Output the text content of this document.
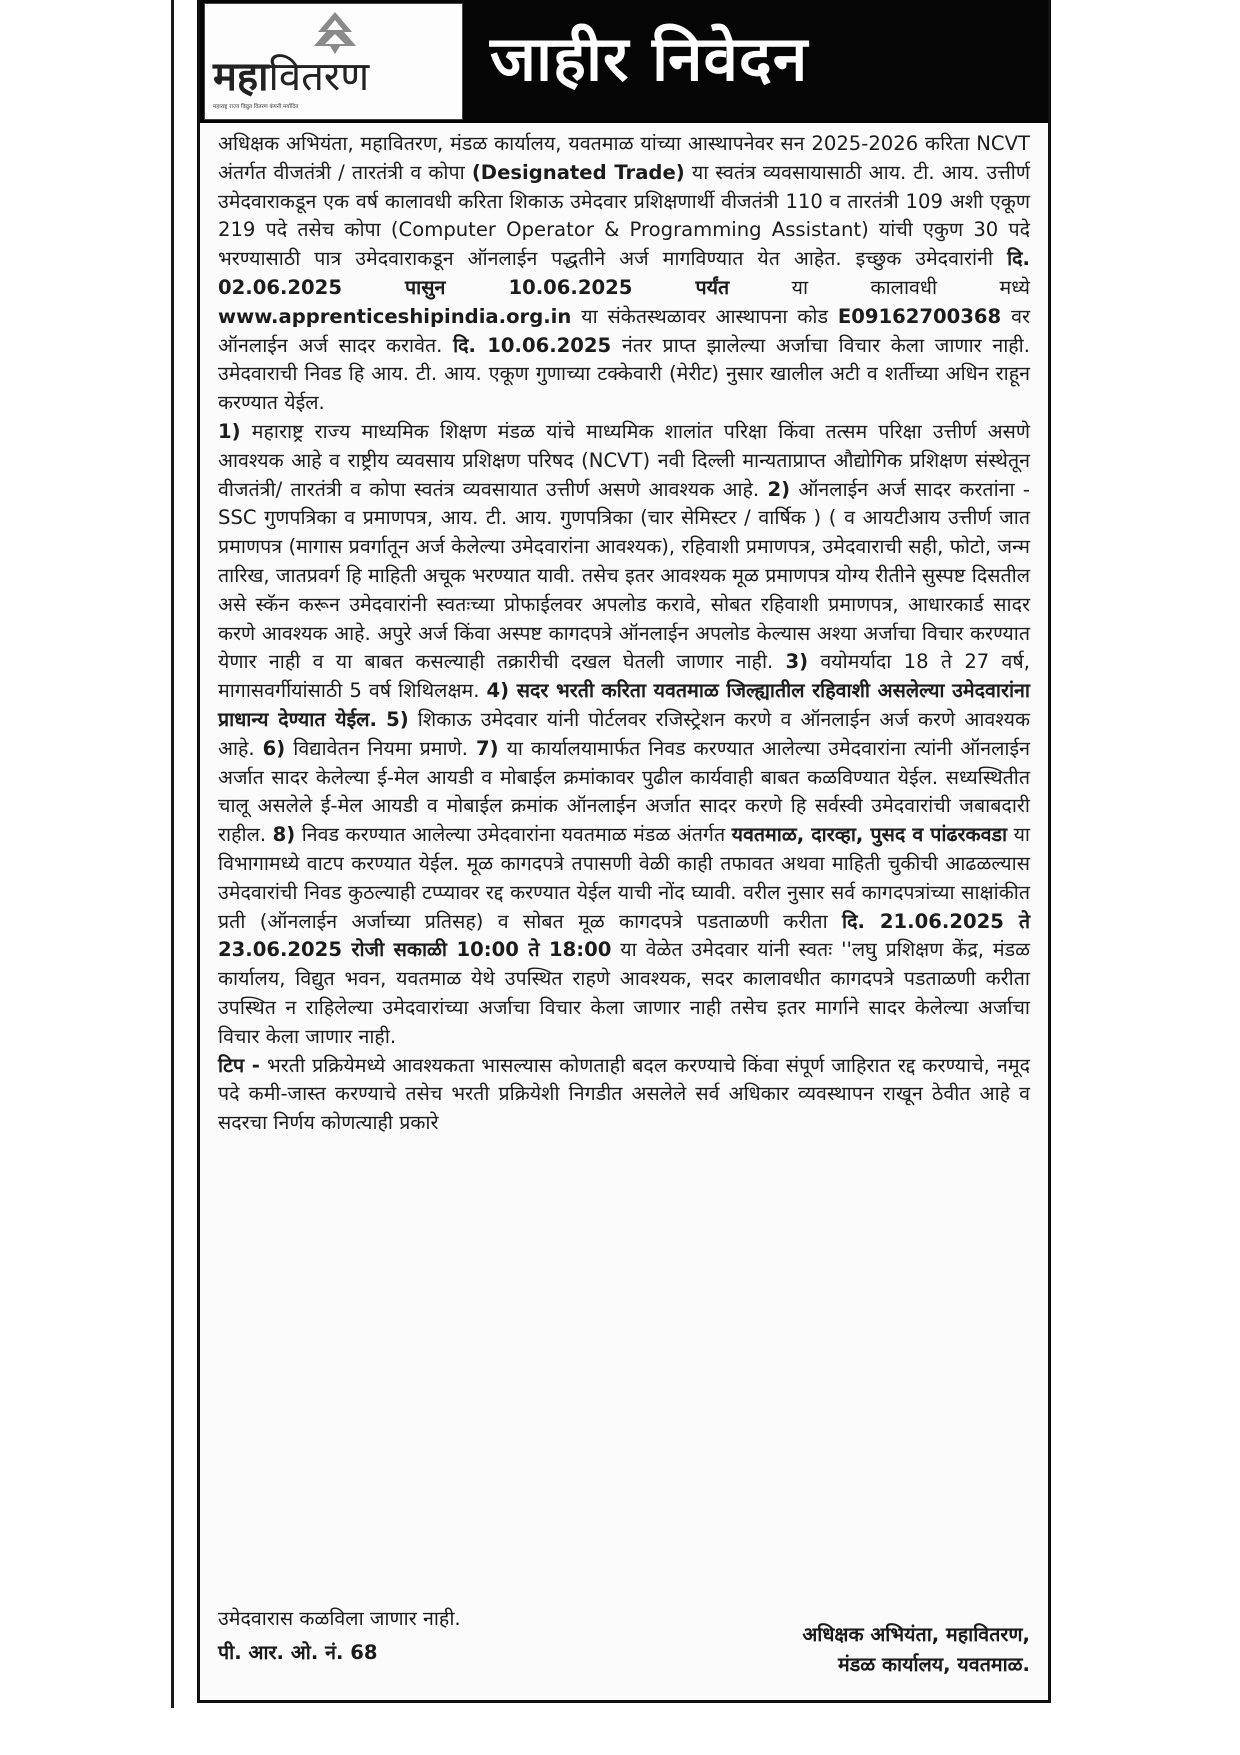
महावितरण
महाराष्ट्र राज्य विद्युत वितरण कंपनी मर्यादित
जाहीर निवेदन

अधिक्षक अभियंता, महावितरण, मंडळ कार्यालय, यवतमाळ यांच्या आस्थापनेवर सन 2025-2026 करिता NCVT अंतर्गत वीजतंत्री / तारतंत्री व कोपा (Designated Trade) या स्वतंत्र व्यवसायासाठी आय. टी. आय. उत्तीर्ण उमेदवाराकडून एक वर्ष कालावधी करिता शिकाऊ उमेदवार प्रशिक्षणार्थी वीजतंत्री 110 व तारतंत्री 109 अशी एकूण 219 पदे तसेच कोपा (Computer Operator & Programming Assistant) यांची एकुण 30 पदे भरण्यासाठी पात्र उमेदवाराकडून ऑनलाईन पद्धतीने अर्ज मागविण्यात येत आहेत. इच्छुक उमेदवारांनी दि. 02.06.2025 पासुन 10.06.2025 पर्यंत या कालावधी मध्ये www.apprenticeshipindia.org.in या संकेतस्थळावर आस्थापना कोड E09162700368 वर ऑनलाईन अर्ज सादर करावेत. दि. 10.06.2025 नंतर प्राप्त झालेल्या अर्जाचा विचार केला जाणार नाही. उमेदवाराची निवड हि आय. टी. आय. एकूण गुणाच्या टक्केवारी (मेरीट) नुसार खालील अटी व शर्तीच्या अधिन राहून करण्यात येईल.

1) महाराष्ट्र राज्य माध्यमिक शिक्षण मंडळ यांचे माध्यमिक शालांत परिक्षा किंवा तत्सम परिक्षा उत्तीर्ण असणे आवश्यक आहे व राष्ट्रीय व्यवसाय प्रशिक्षण परिषद (NCVT) नवी दिल्ली मान्यताप्राप्त औद्योगिक प्रशिक्षण संस्थेतून वीजतंत्री/ तारतंत्री व कोपा स्वतंत्र व्यवसायात उत्तीर्ण असणे आवश्यक आहे. 2) ऑनलाईन अर्ज सादर करतांना - SSC गुणपत्रिका व प्रमाणपत्र, आय. टी. आय. गुणपत्रिका (चार सेमिस्टर / वार्षिक ) ( व आयटीआय उत्तीर्ण जात प्रमाणपत्र (मागास प्रवर्गातून अर्ज केलेल्या उमेदवारांना आवश्यक), रहिवाशी प्रमाणपत्र, उमेदवाराची सही, फोटो, जन्म तारिख, जातप्रवर्ग हि माहिती अचूक भरण्यात यावी. तसेच इतर आवश्यक मूळ प्रमाणपत्र योग्य रीतीने सुस्पष्ट दिसतील असे स्कॅन करून उमेदवारांनी स्वतःच्या प्रोफाईलवर अपलोड करावे, सोबत रहिवाशी प्रमाणपत्र, आधारकार्ड सादर करणे आवश्यक आहे. अपुरे अर्ज किंवा अस्पष्ट कागदपत्रे ऑनलाईन अपलोड केल्यास अश्या अर्जाचा विचार करण्यात येणार नाही व या बाबत कसल्याही तक्रारीची दखल घेतली जाणार नाही. 3) वयोमर्यादा 18 ते 27 वर्ष, मागासवर्गीयांसाठी 5 वर्ष शिथिलक्षम. 4) सदर भरती करिता यवतमाळ जिल्ह्यातील रहिवाशी असलेल्या उमेदवारांना प्राधान्य देण्यात येईल. 5) शिकाऊ उमेदवार यांनी पोर्टलवर रजिस्ट्रेशन करणे व ऑनलाईन अर्ज करणे आवश्यक आहे. 6) विद्यावेतन नियमा प्रमाणे. 7) या कार्यालयामार्फत निवड करण्यात आलेल्या उमेदवारांना त्यांनी ऑनलाईन अर्जात सादर केलेल्या ई-मेल आयडी व मोबाईल क्रमांकावर पुढील कार्यवाही बाबत कळविण्यात येईल. सध्यस्थितीत चालू असलेले ई-मेल आयडी व मोबाईल क्रमांक ऑनलाईन अर्जात सादर करणे हि सर्वस्वी उमेदवारांची जबाबदारी राहील. 8) निवड करण्यात आलेल्या उमेदवारांना यवतमाळ मंडळ अंतर्गत यवतमाळ, दारव्हा, पुसद व पांढरकवडा या विभागामध्ये वाटप करण्यात येईल. मूळ कागदपत्रे तपासणी वेळी काही तफावत अथवा माहिती चुकीची आढळल्यास उमेदवारांची निवड कुठल्याही टप्प्यावर रद्द करण्यात येईल याची नोंद घ्यावी. वरील नुसार सर्व कागदपत्रांच्या साक्षांकीत प्रती (ऑनलाईन अर्जाच्या प्रतिसह) व सोबत मूळ कागदपत्रे पडताळणी करीता दि. 21.06.2025 ते 23.06.2025 रोजी सकाळी 10:00 ते 18:00 या वेळेत उमेदवार यांनी स्वतः ''लघु प्रशिक्षण केंद्र, मंडळ कार्यालय, विद्युत भवन, यवतमाळ येथे उपस्थित राहणे आवश्यक, सदर कालावधीत कागदपत्रे पडताळणी करीता उपस्थित न राहिलेल्या उमेदवारांच्या अर्जाचा विचार केला जाणार नाही तसेच इतर मार्गाने सादर केलेल्या अर्जाचा विचार केला जाणार नाही.

टिप - भरती प्रक्रियेमध्ये आवश्यकता भासल्यास कोणताही बदल करण्याचे किंवा संपूर्ण जाहिरात रद्द करण्याचे, नमूद पदे कमी-जास्त करण्याचे तसेच भरती प्रक्रियेशी निगडीत असलेले सर्व अधिकार व्यवस्थापन राखून ठेवीत आहे व सदरचा निर्णय कोणत्याही प्रकारे

उमेदवारास कळविला जाणार नाही.
पी. आर. ओ. नं. 68
अधिक्षक अभियंता, महावितरण,
मंडळ कार्यालय, यवतमाळ.
